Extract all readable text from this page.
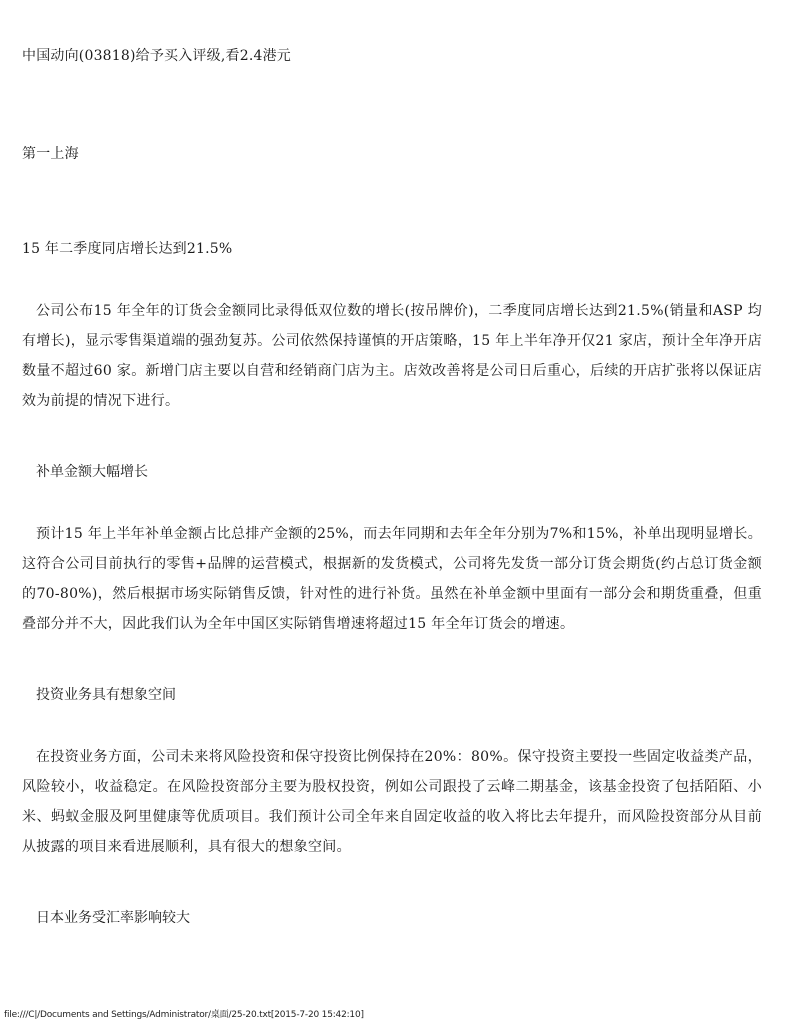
中国动向(03818)给予买入评级,看2.4港元
第一上海
15 年二季度同店增长达到21.5%
公司公布15 年全年的订货会金额同比录得低双位数的增长(按吊牌价)，二季度同店增长达到21.5%(销量和ASP 均有增长)，显示零售渠道端的强劲复苏。公司依然保持谨慎的开店策略，15 年上半年净开仅21 家店，预计全年净开店数量不超过60 家。新增门店主要以自营和经销商门店为主。店效改善将是公司日后重心，后续的开店扩张将以保证店效为前提的情况下进行。
补单金额大幅增长
预计15 年上半年补单金额占比总排产金额的25%，而去年同期和去年全年分别为7%和15%，补单出现明显增长。这符合公司目前执行的零售+品牌的运营模式，根据新的发货模式，公司将先发货一部分订货会期货(约占总订货金额的70-80%)，然后根据市场实际销售反馈，针对性的进行补货。虽然在补单金额中里面有一部分会和期货重叠，但重叠部分并不大，因此我们认为全年中国区实际销售增速将超过15 年全年订货会的增速。
投资业务具有想象空间
在投资业务方面，公司未来将风险投资和保守投资比例保持在20%：80%。保守投资主要投一些固定收益类产品，风险较小，收益稳定。在风险投资部分主要为股权投资，例如公司跟投了云峰二期基金，该基金投资了包括陌陌、小米、蚂蚁金服及阿里健康等优质项目。我们预计公司全年来自固定收益的收入将比去年提升，而风险投资部分从目前从披露的项目来看进展顺利，具有很大的想象空间。
日本业务受汇率影响较大
file:///C|/Documents and Settings/Administrator/桌面/25-20.txt[2015-7-20 15:42:10]
